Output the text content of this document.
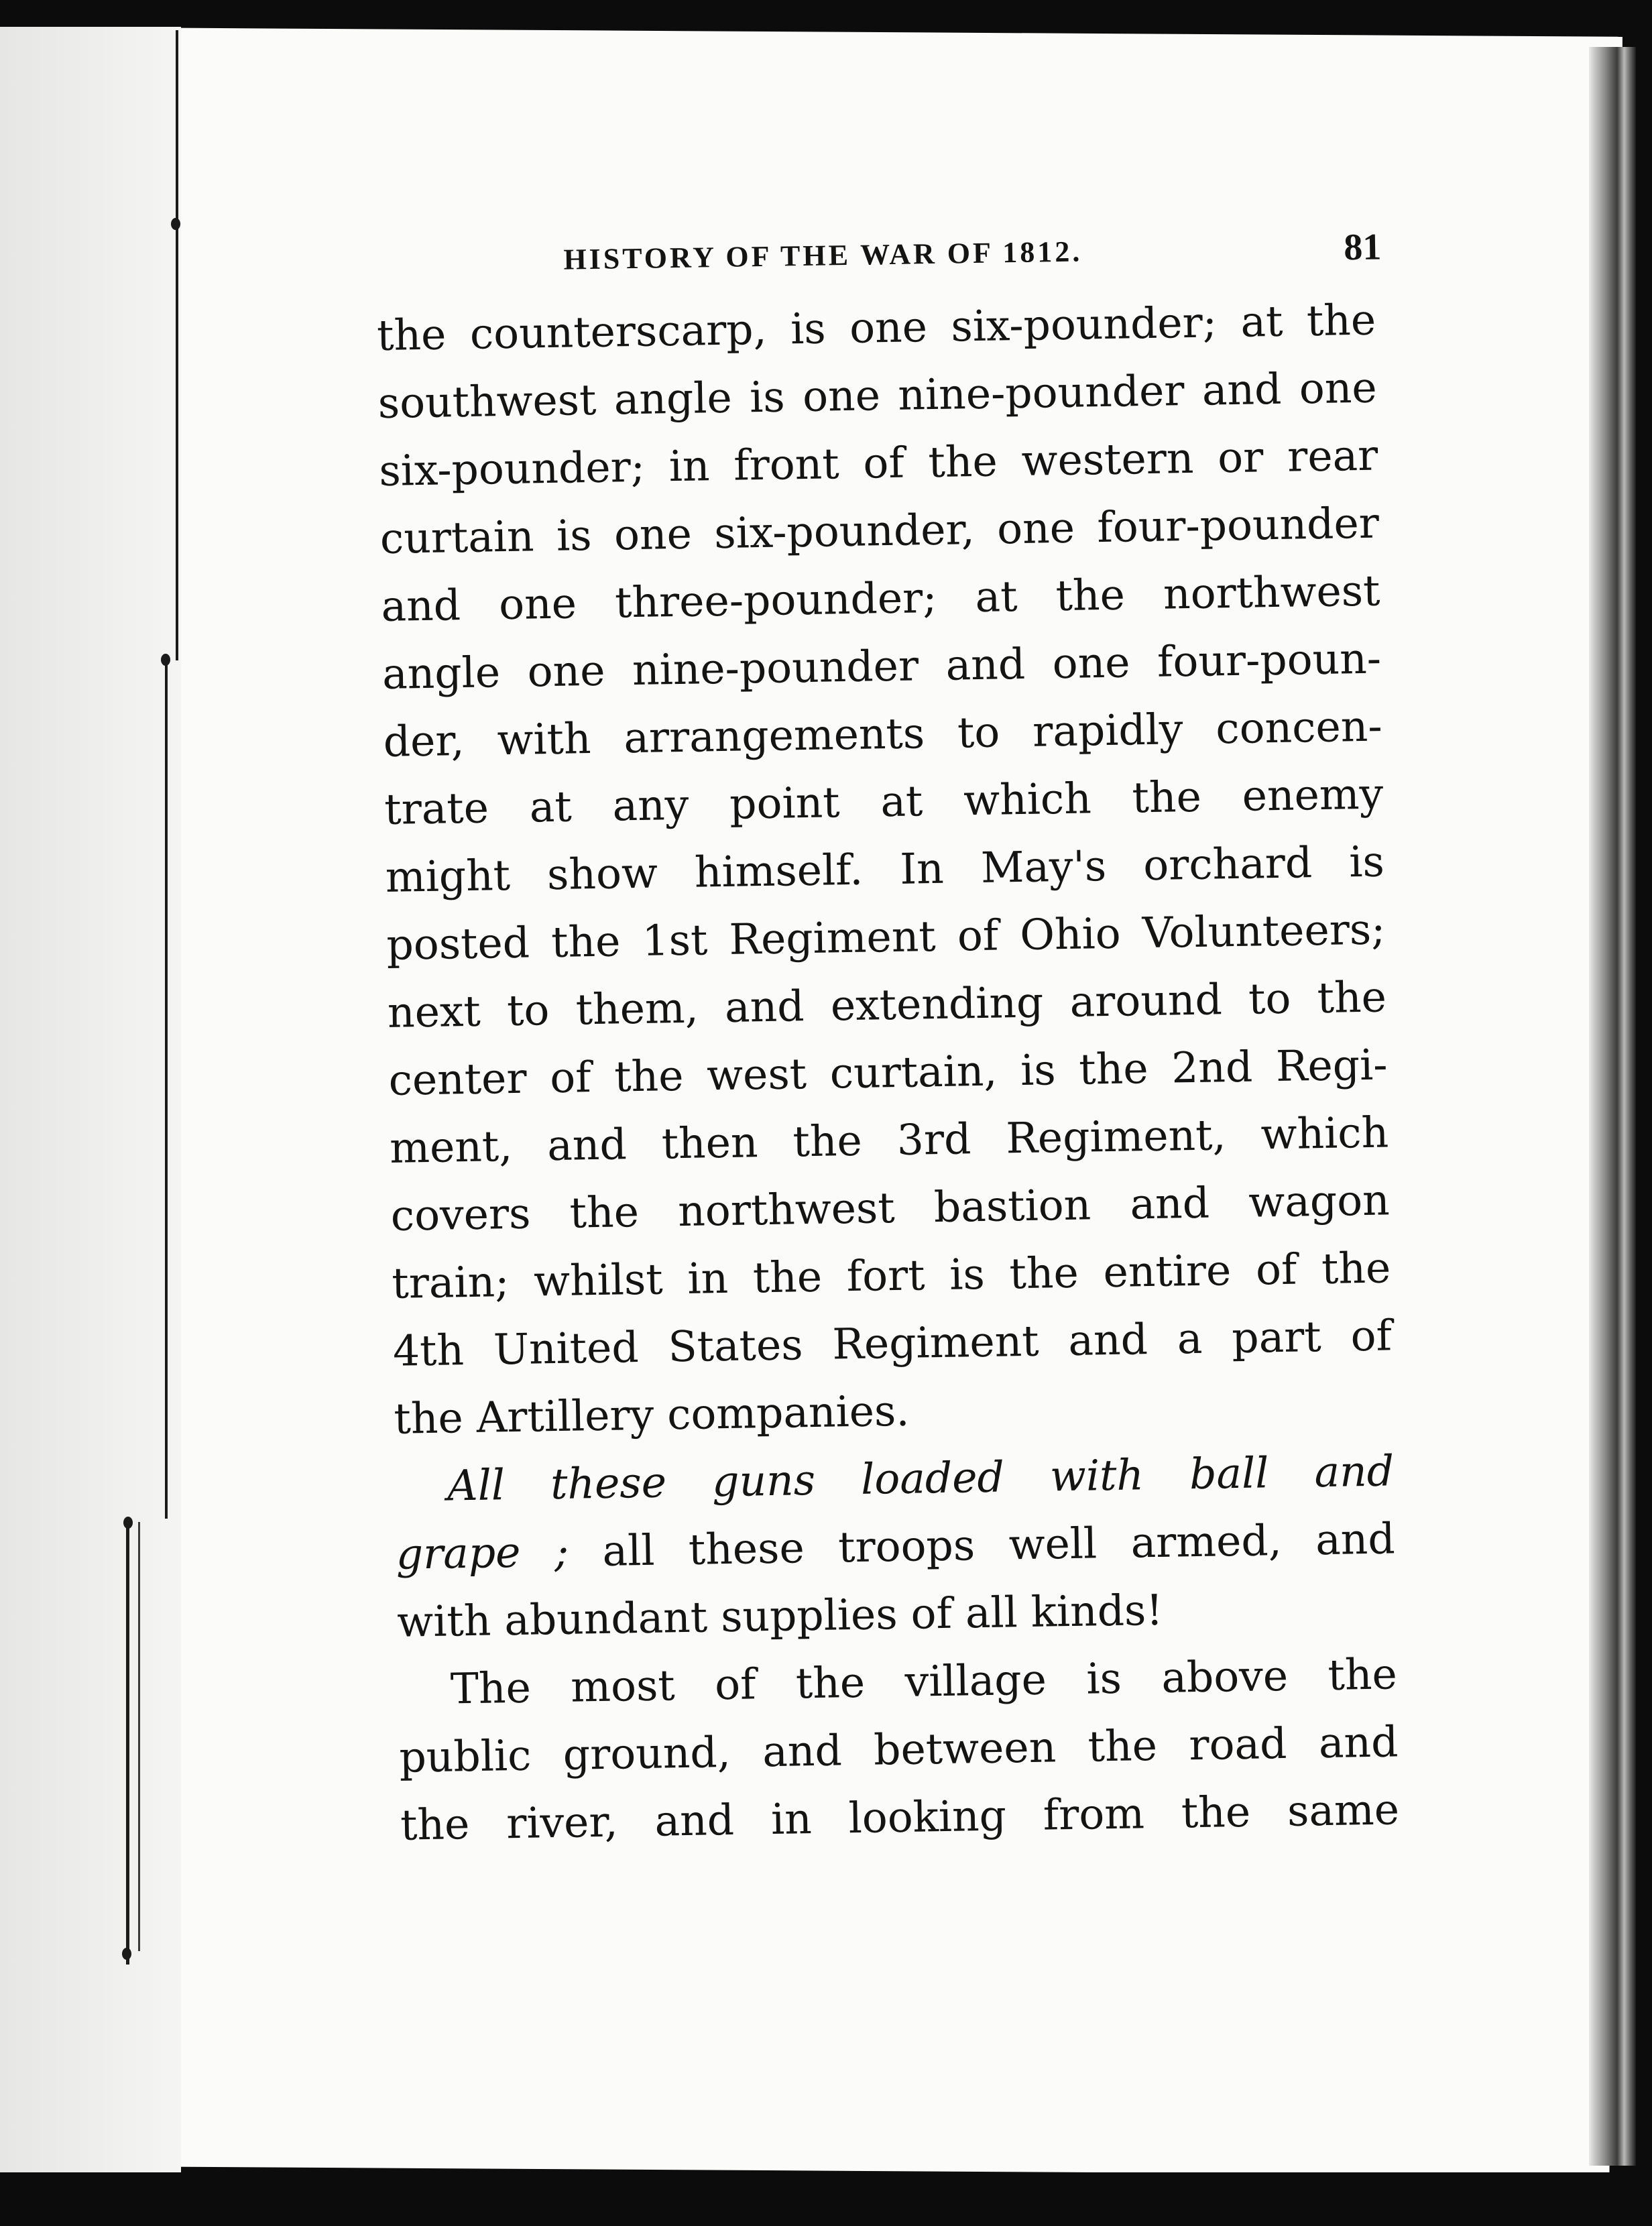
HISTORY OF THE WAR OF 1812.	81

the counterscarp, is one six-pounder; at the
southwest angle is one nine-pounder and one
six-pounder; in front of the western or rear
curtain is one six-pounder, one four-pounder
and one three-pounder; at the northwest
angle one nine-pounder and one four-poun-
der, with arrangements to rapidly concen-
trate at any point at which the enemy
might show himself. In May's orchard is
posted the 1st Regiment of Ohio Volunteers;
next to them, and extending around to the
center of the west curtain, is the 2nd Regi-
ment, and then the 3rd Regiment, which
covers the northwest bastion and wagon
train; whilst in the fort is the entire of the
4th United States Regiment and a part of
the Artillery companies.

All these guns loaded with ball and
grape ; all these troops well armed, and
with abundant supplies of all kinds!

The most of the village is above the
public ground, and between the road and
the river, and in looking from the same
